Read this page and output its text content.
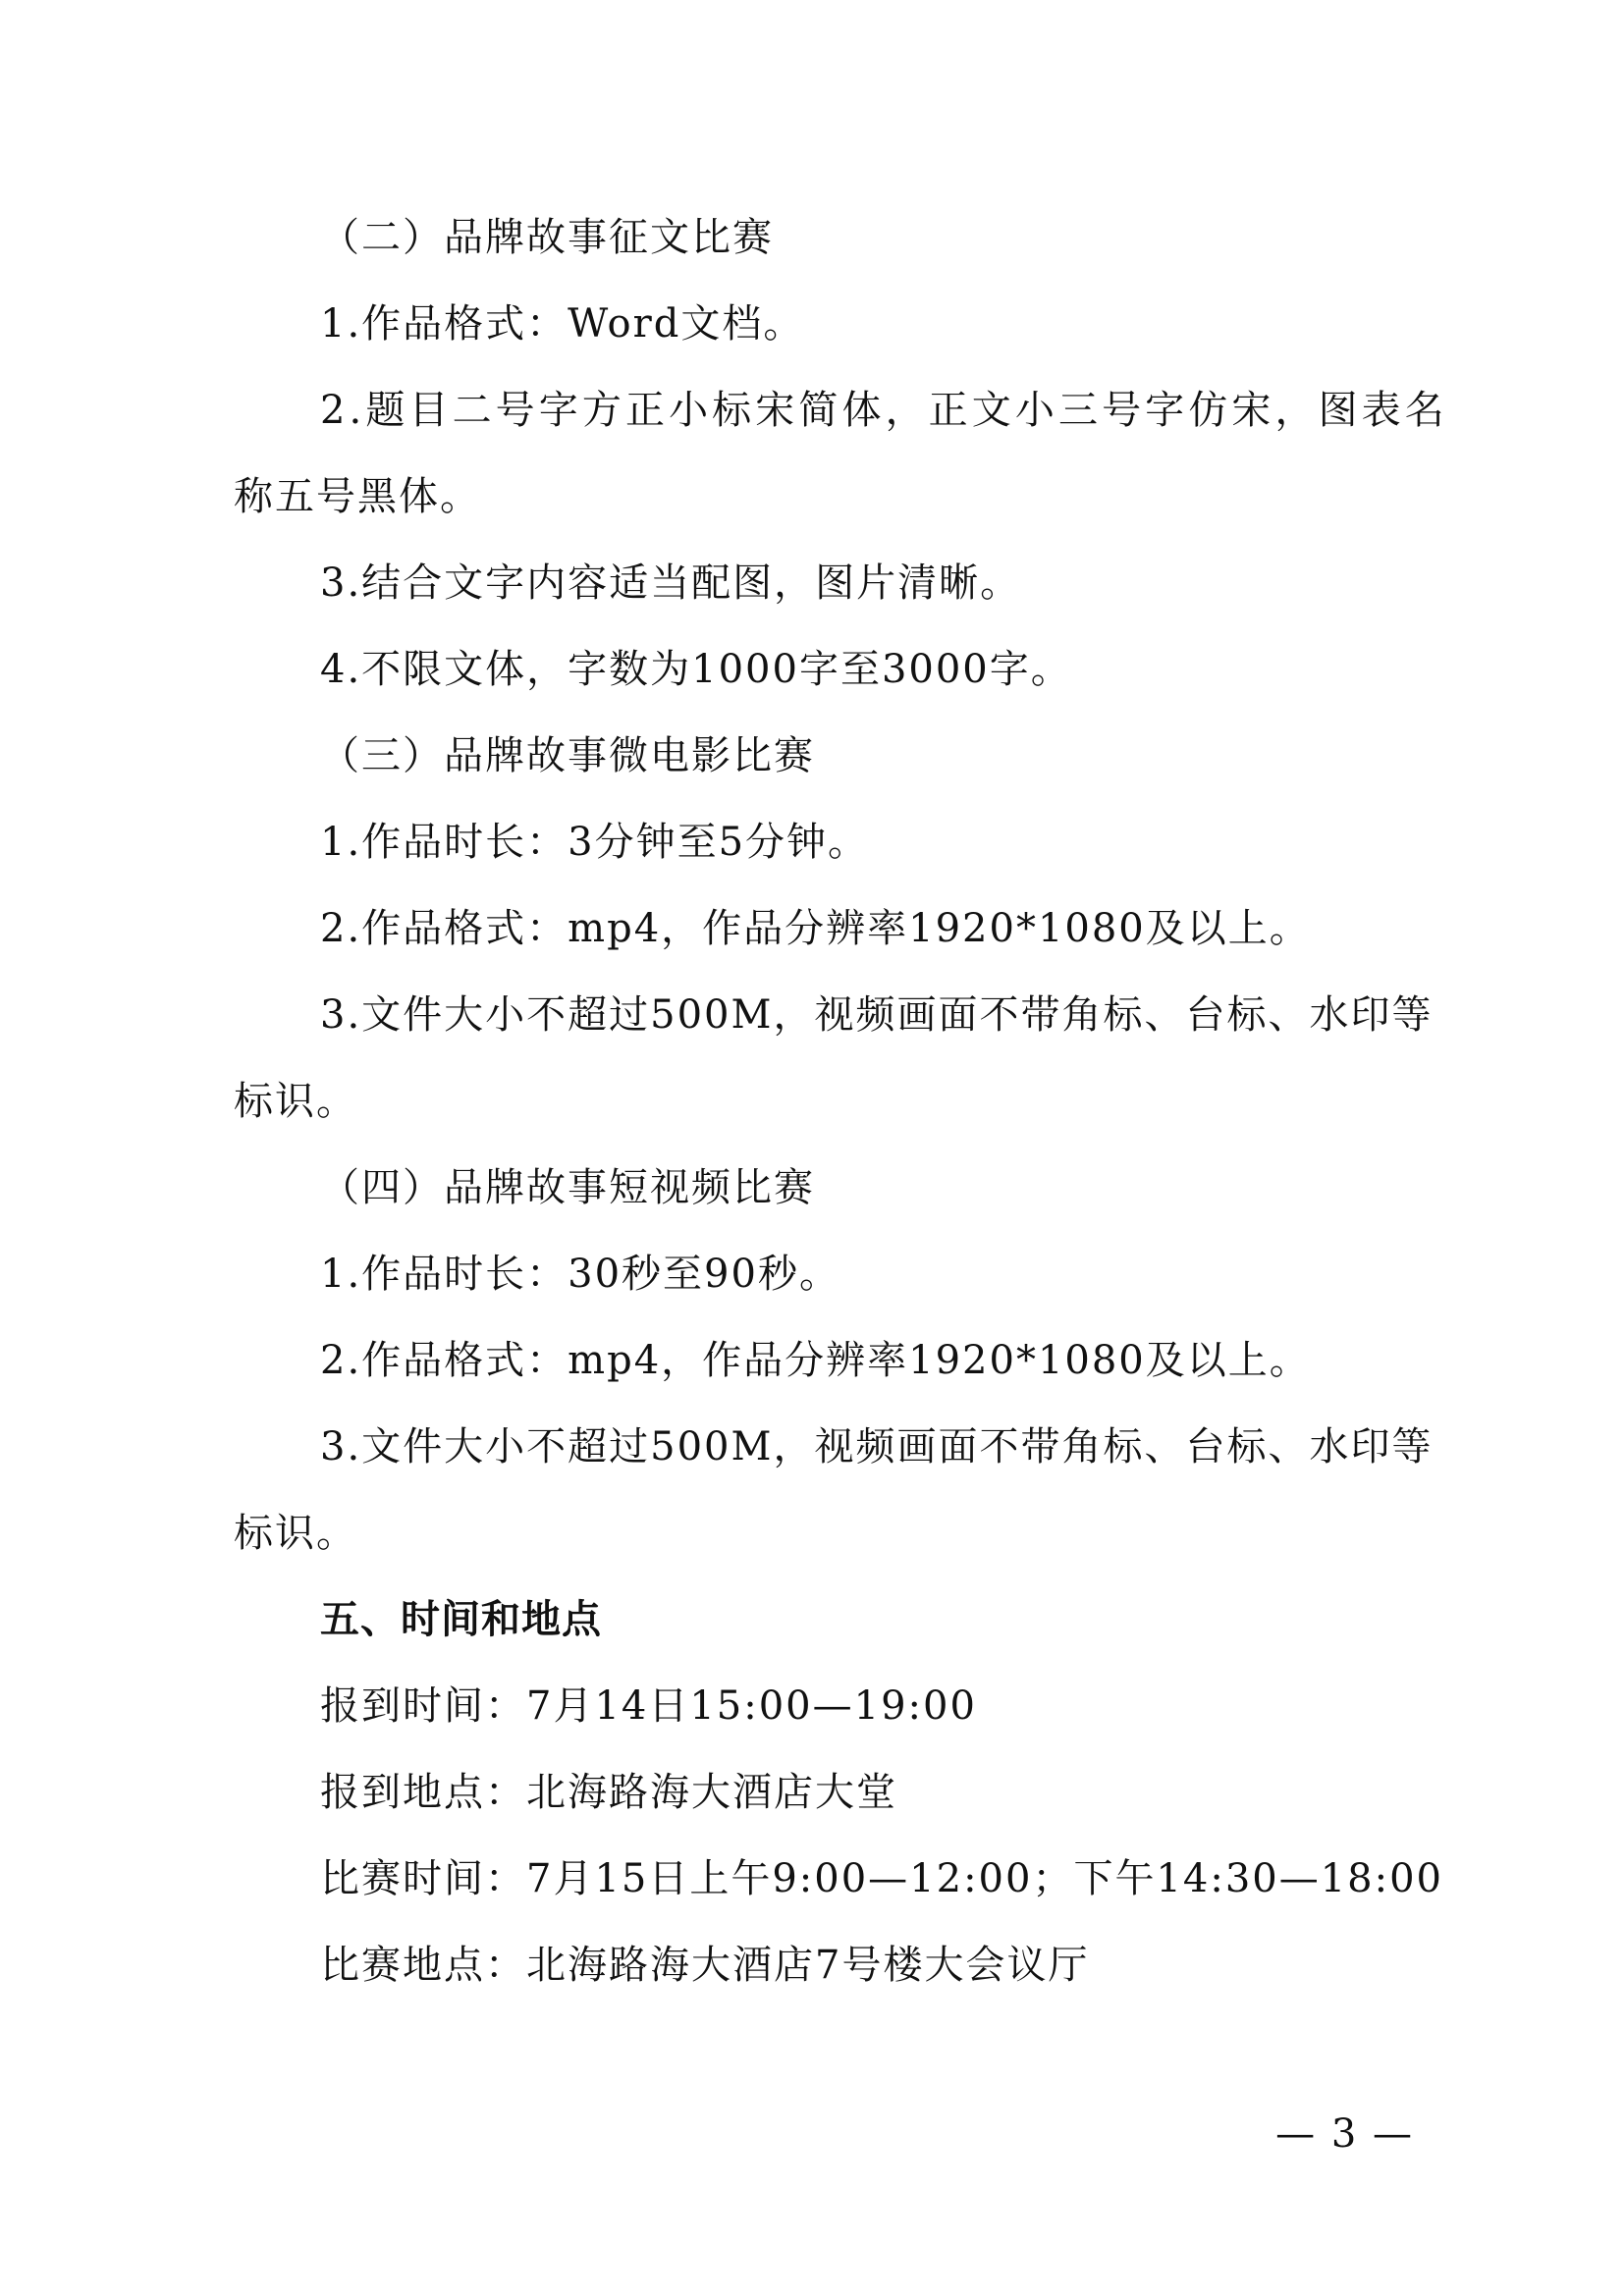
（二）品牌故事征文比赛
1.作品格式：Word文档。
2.题目二号字方正小标宋简体，正文小三号字仿宋，图表名
称五号黑体。
3.结合文字内容适当配图，图片清晰。
4.不限文体，字数为1000字至3000字。
（三）品牌故事微电影比赛
1.作品时长：3分钟至5分钟。
2.作品格式：mp4，作品分辨率1920*1080及以上。
3.文件大小不超过500M，视频画面不带角标、台标、水印等
标识。
（四）品牌故事短视频比赛
1.作品时长：30秒至90秒。
2.作品格式：mp4，作品分辨率1920*1080及以上。
3.文件大小不超过500M，视频画面不带角标、台标、水印等
标识。
五、时间和地点
报到时间：7月14日15:00—19:00
报到地点：北海路海大酒店大堂
比赛时间：7月15日上午9:00—12:00；下午14:30—18:00
比赛地点：北海路海大酒店7号楼大会议厅
— 3 —
